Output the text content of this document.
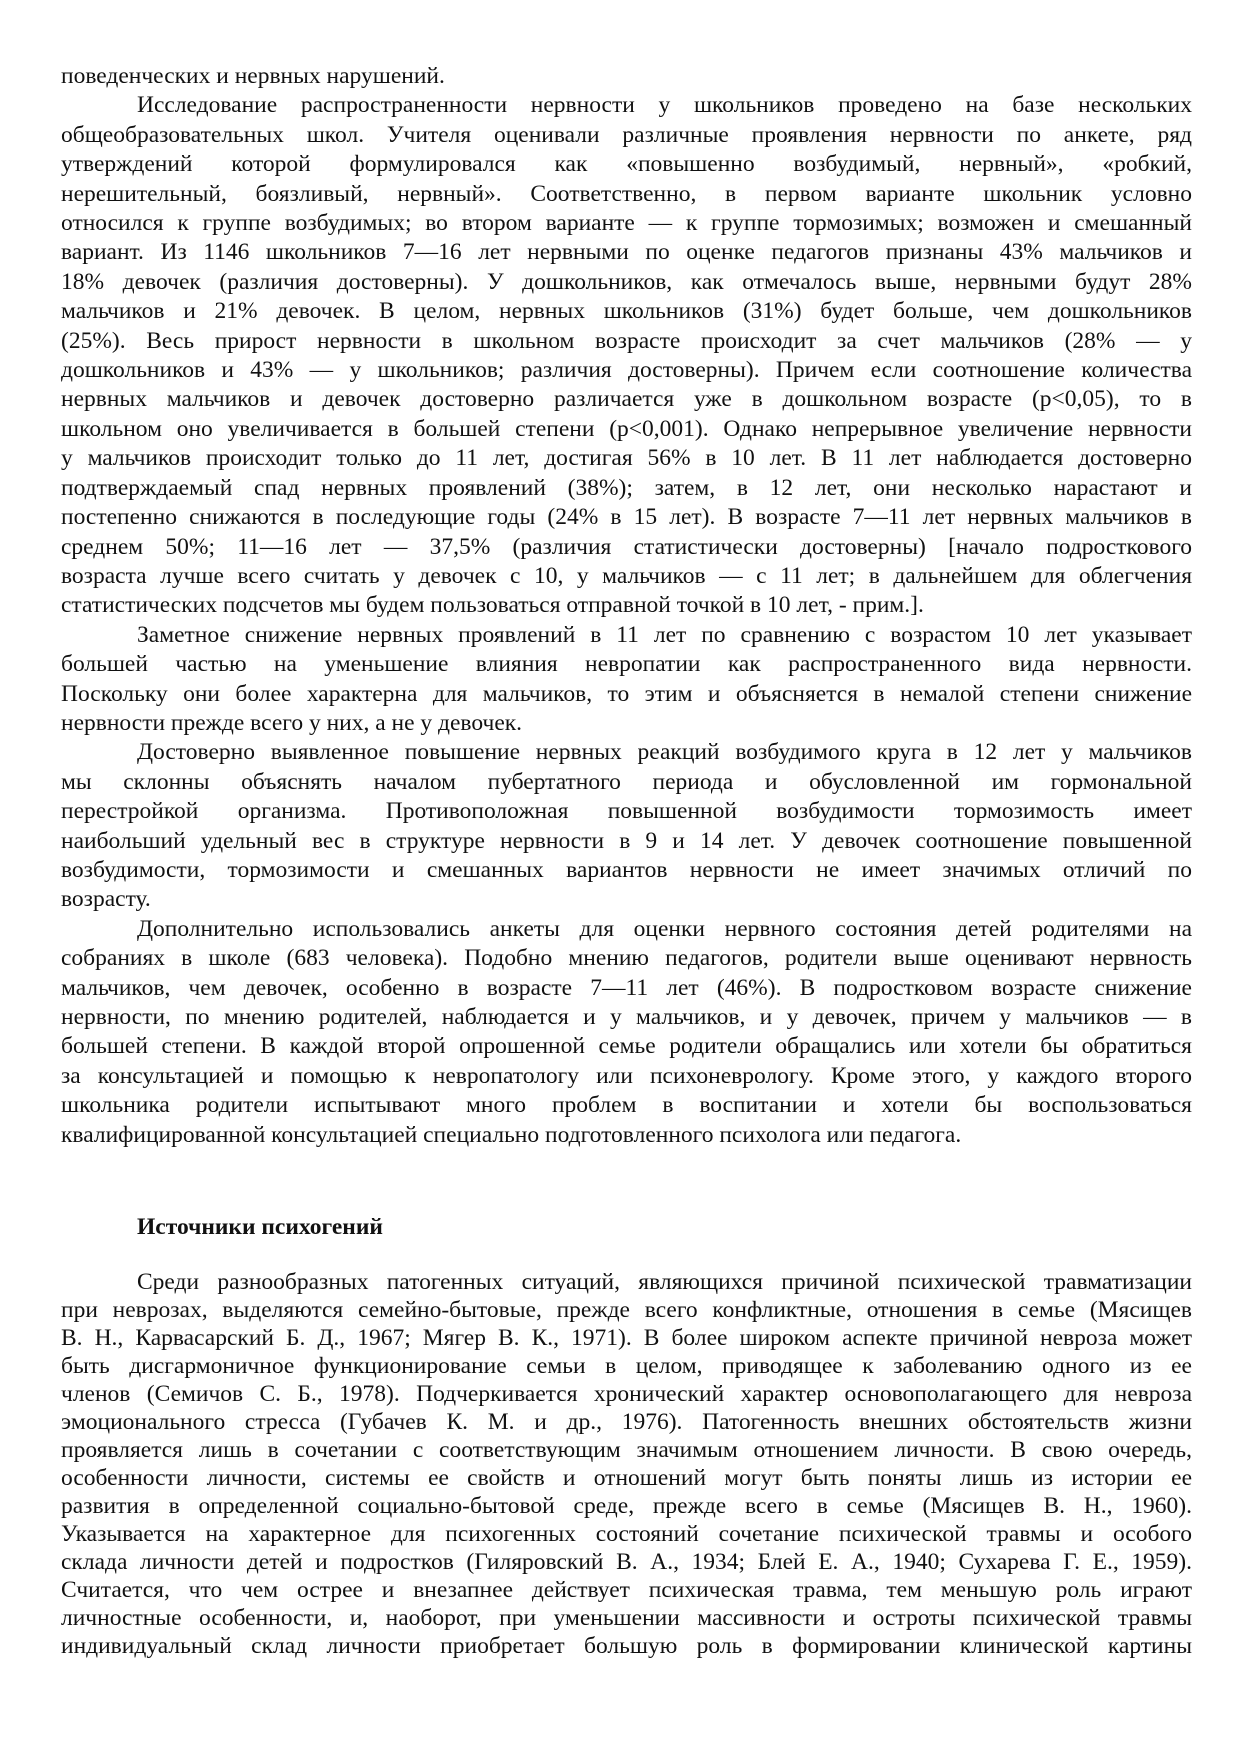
поведенческих и нервных нарушений.
Исследование распространенности нервности у школьников проведено на базе нескольких
общеобразовательных школ. Учителя оценивали различные проявления нервности по анкете, ряд
утверждений которой формулировался как «повышенно возбудимый, нервный», «робкий,
нерешительный, боязливый, нервный». Соответственно, в первом варианте школьник условно
относился к группе возбудимых; во втором варианте — к группе тормозимых; возможен и смешанный
вариант. Из 1146 школьников 7—16 лет нервными по оценке педагогов признаны 43% мальчиков и
18% девочек (различия достоверны). У дошкольников, как отмечалось выше, нервными будут 28%
мальчиков и 21% девочек. В целом, нервных школьников (31%) будет больше, чем дошкольников
(25%). Весь прирост нервности в школьном возрасте происходит за счет мальчиков (28% — у
дошкольников и 43% — у школьников; различия достоверны). Причем если соотношение количества
нервных мальчиков и девочек достоверно различается уже в дошкольном возрасте (p<0,05), то в
школьном оно увеличивается в большей степени (p<0,001). Однако непрерывное увеличение нервности
у мальчиков происходит только до 11 лет, достигая 56% в 10 лет. В 11 лет наблюдается достоверно
подтверждаемый спад нервных проявлений (38%); затем, в 12 лет, они несколько нарастают и
постепенно снижаются в последующие годы (24% в 15 лет). В возрасте 7—11 лет нервных мальчиков в
среднем 50%; 11—16 лет — 37,5% (различия статистически достоверны) [начало подросткового
возраста лучше всего считать у девочек с 10, у мальчиков — с 11 лет; в дальнейшем для облегчения
статистических подсчетов мы будем пользоваться отправной точкой в 10 лет, - прим.].
Заметное снижение нервных проявлений в 11 лет по сравнению с возрастом 10 лет указывает
большей частью на уменьшение влияния невропатии как распространенного вида нервности.
Поскольку они более характерна для мальчиков, то этим и объясняется в немалой степени снижение
нервности прежде всего у них, а не у девочек.
Достоверно выявленное повышение нервных реакций возбудимого круга в 12 лет у мальчиков
мы склонны объяснять началом пубертатного периода и обусловленной им гормональной
перестройкой организма. Противоположная повышенной возбудимости тормозимость имеет
наибольший удельный вес в структуре нервности в 9 и 14 лет. У девочек соотношение повышенной
возбудимости, тормозимости и смешанных вариантов нервности не имеет значимых отличий по
возрасту.
Дополнительно использовались анкеты для оценки нервного состояния детей родителями на
собраниях в школе (683 человека). Подобно мнению педагогов, родители выше оценивают нервность
мальчиков, чем девочек, особенно в возрасте 7—11 лет (46%). В подростковом возрасте снижение
нервности, по мнению родителей, наблюдается и у мальчиков, и у девочек, причем у мальчиков — в
большей степени. В каждой второй опрошенной семье родители обращались или хотели бы обратиться
за консультацией и помощью к невропатологу или психоневрологу. Кроме этого, у каждого второго
школьника родители испытывают много проблем в воспитании и хотели бы воспользоваться
квалифицированной консультацией специально подготовленного психолога или педагога.
Источники психогений
Среди разнообразных патогенных ситуаций, являющихся причиной психической травматизации
при неврозах, выделяются семейно-бытовые, прежде всего конфликтные, отношения в семье (Мясищев
В. Н., Карвасарский Б. Д., 1967; Мягер В. К., 1971). В более широком аспекте причиной невроза может
быть дисгармоничное функционирование семьи в целом, приводящее к заболеванию одного из ее
членов (Семичов С. Б., 1978). Подчеркивается хронический характер основополагающего для невроза
эмоционального стресса (Губачев К. М. и др., 1976). Патогенность внешних обстоятельств жизни
проявляется лишь в сочетании с соответствующим значимым отношением личности. В свою очередь,
особенности личности, системы ее свойств и отношений могут быть поняты лишь из истории ее
развития в определенной социально-бытовой среде, прежде всего в семье (Мясищев В. Н., 1960).
Указывается на характерное для психогенных состояний сочетание психической травмы и особого
склада личности детей и подростков (Гиляровский В. А., 1934; Блей Е. А., 1940; Сухарева Г. Е., 1959).
Считается, что чем острее и внезапнее действует психическая травма, тем меньшую роль играют
личностные особенности, и, наоборот, при уменьшении массивности и остроты психической травмы
индивидуальный склад личности приобретает большую роль в формировании клинической картины
